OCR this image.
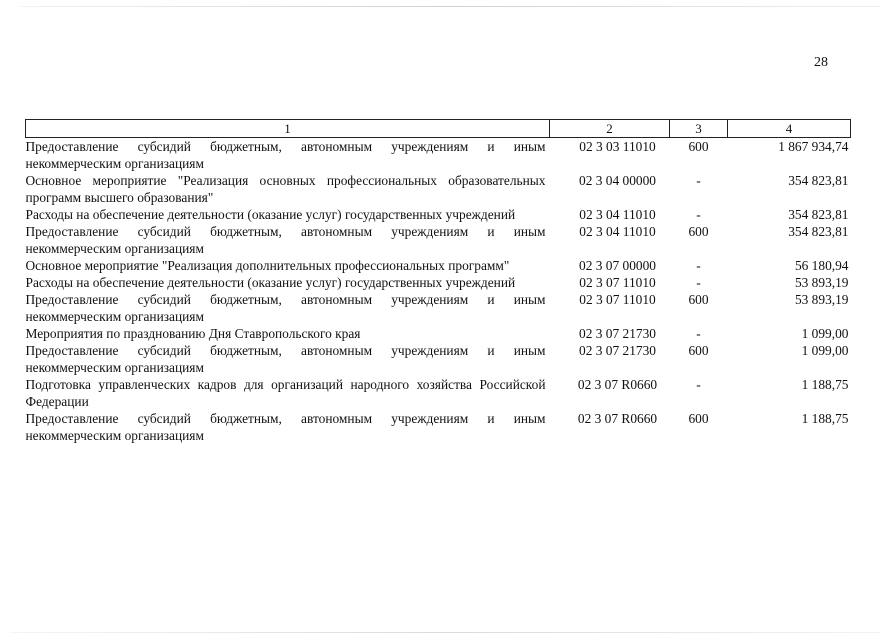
28
1	2	3	4

Предоставление субсидий бюджетным, автономным учреждениям и иным некоммерческим организациям	02 3 03 11010	600	1 867 934,74

Основное мероприятие "Реализация основных профессиональных образовательных программ высшего образования"	02 3 04 00000	-	354 823,81

Расходы на обеспечение деятельности (оказание услуг) государственных учреждений	02 3 04 11010	-	354 823,81

Предоставление субсидий бюджетным, автономным учреждениям и иным некоммерческим организациям	02 3 04 11010	600	354 823,81

Основное мероприятие "Реализация дополнительных профессиональных программ"	02 3 07 00000	-	56 180,94

Расходы на обеспечение деятельности (оказание услуг) государственных учреждений	02 3 07 11010	-	53 893,19

Предоставление субсидий бюджетным, автономным учреждениям и иным некоммерческим организациям	02 3 07 11010	600	53 893,19

Мероприятия по празднованию Дня Ставропольского края	02 3 07 21730	-	1 099,00

Предоставление субсидий бюджетным, автономным учреждениям и иным некоммерческим организациям	02 3 07 21730	600	1 099,00

Подготовка управленческих кадров для организаций народного хозяйства Российской Федерации	02 3 07 R0660	-	1 188,75

Предоставление субсидий бюджетным, автономным учреждениям и иным некоммерческим организациям	02 3 07 R0660	600	1 188,75
